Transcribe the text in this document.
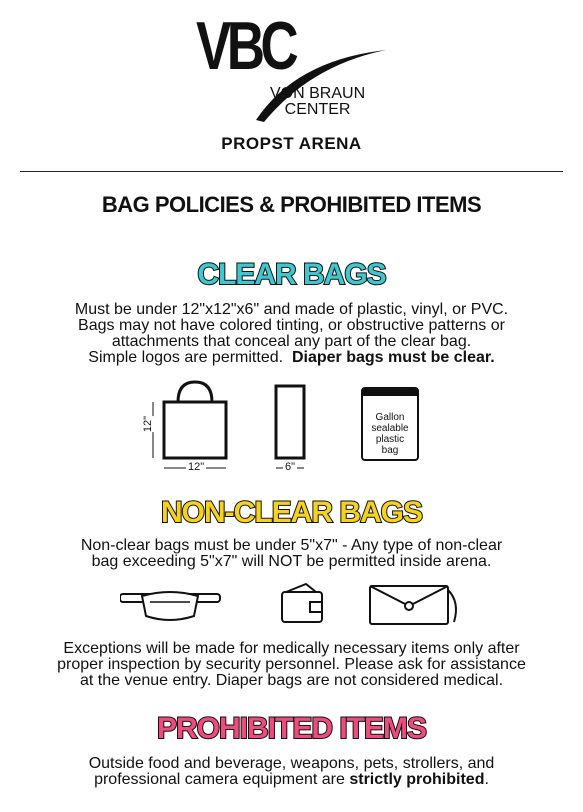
VBC
VON BRAUN
CENTER
PROPST ARENA
BAG POLICIES & PROHIBITED ITEMS
CLEAR BAGS
Must be under 12"x12"x6" and made of plastic, vinyl, or PVC.
Bags may not have colored tinting, or obstructive patterns or
attachments that conceal any part of the clear bag.
Simple logos are permitted. Diaper bags must be clear.
12"
12"	6"
Gallon
sealable
plastic
bag
NON-CLEAR BAGS
Non-clear bags must be under 5"x7" - Any type of non-clear
bag exceeding 5"x7" will NOT be permitted inside arena.
Exceptions will be made for medically necessary items only after
proper inspection by security personnel. Please ask for assistance
at the venue entry. Diaper bags are not considered medical.
PROHIBITED ITEMS
Outside food and beverage, weapons, pets, strollers, and
professional camera equipment are strictly prohibited.
